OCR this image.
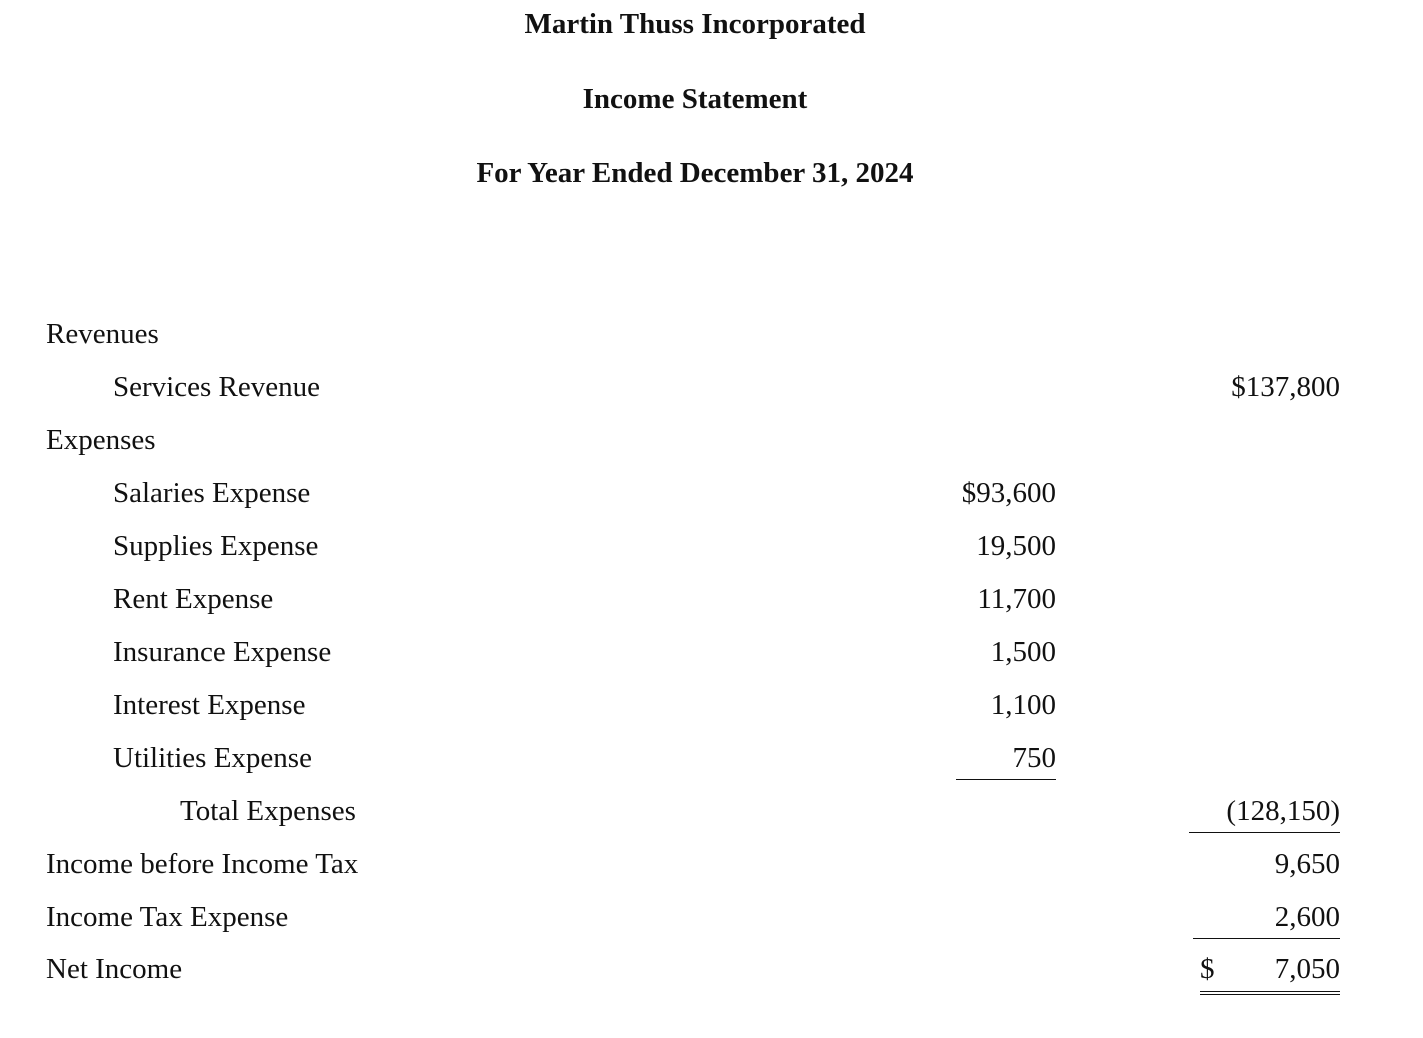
Martin Thuss Incorporated
Income Statement
For Year Ended December 31, 2024
Revenues
Services Revenue	$137,800
Expenses
Salaries Expense	$93,600
Supplies Expense	19,500
Rent Expense	11,700
Insurance Expense	1,500
Interest Expense	1,100
Utilities Expense	750
Total Expenses	(128,150)
Income before Income Tax	9,650
Income Tax Expense	2,600
Net Income	$ 7,050
